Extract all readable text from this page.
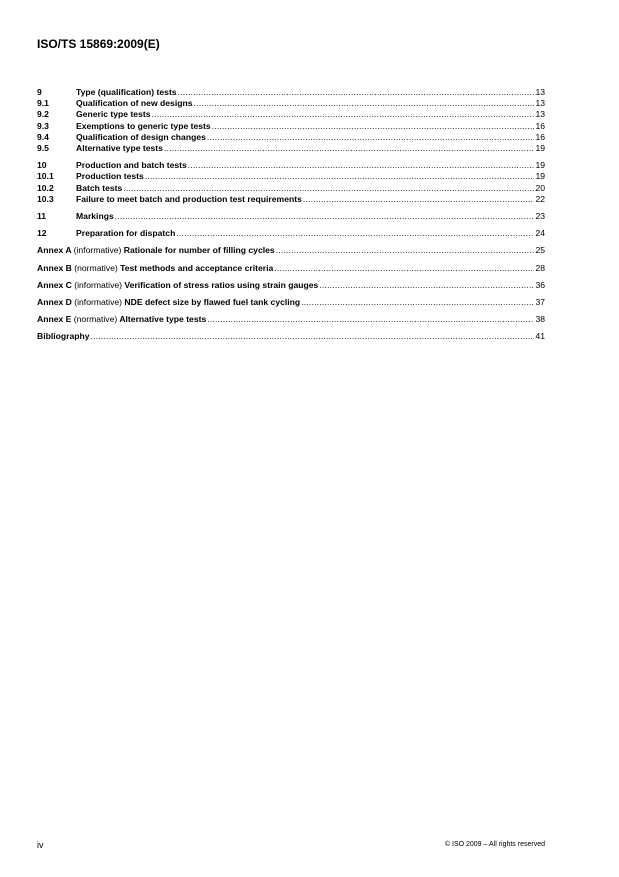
ISO/TS 15869:2009(E)
9	Type (qualification) tests .....	13
9.1	Qualification of new designs .....	13
9.2	Generic type tests .....	13
9.3	Exemptions to generic type tests .....	16
9.4	Qualification of design changes .....	16
9.5	Alternative type tests .....	19
10	Production and batch tests .....	19
10.1	Production tests .....	19
10.2	Batch tests .....	20
10.3	Failure to meet batch and production test requirements .....	22
11	Markings .....	23
12	Preparation for dispatch .....	24
Annex A (informative) Rationale for number of filling cycles .....	25
Annex B (normative) Test methods and acceptance criteria .....	28
Annex C (informative) Verification of stress ratios using strain gauges .....	36
Annex D (informative) NDE defect size by flawed fuel tank cycling .....	37
Annex E (normative) Alternative type tests .....	38
Bibliography .....	41
iv	© ISO 2009 – All rights reserved
